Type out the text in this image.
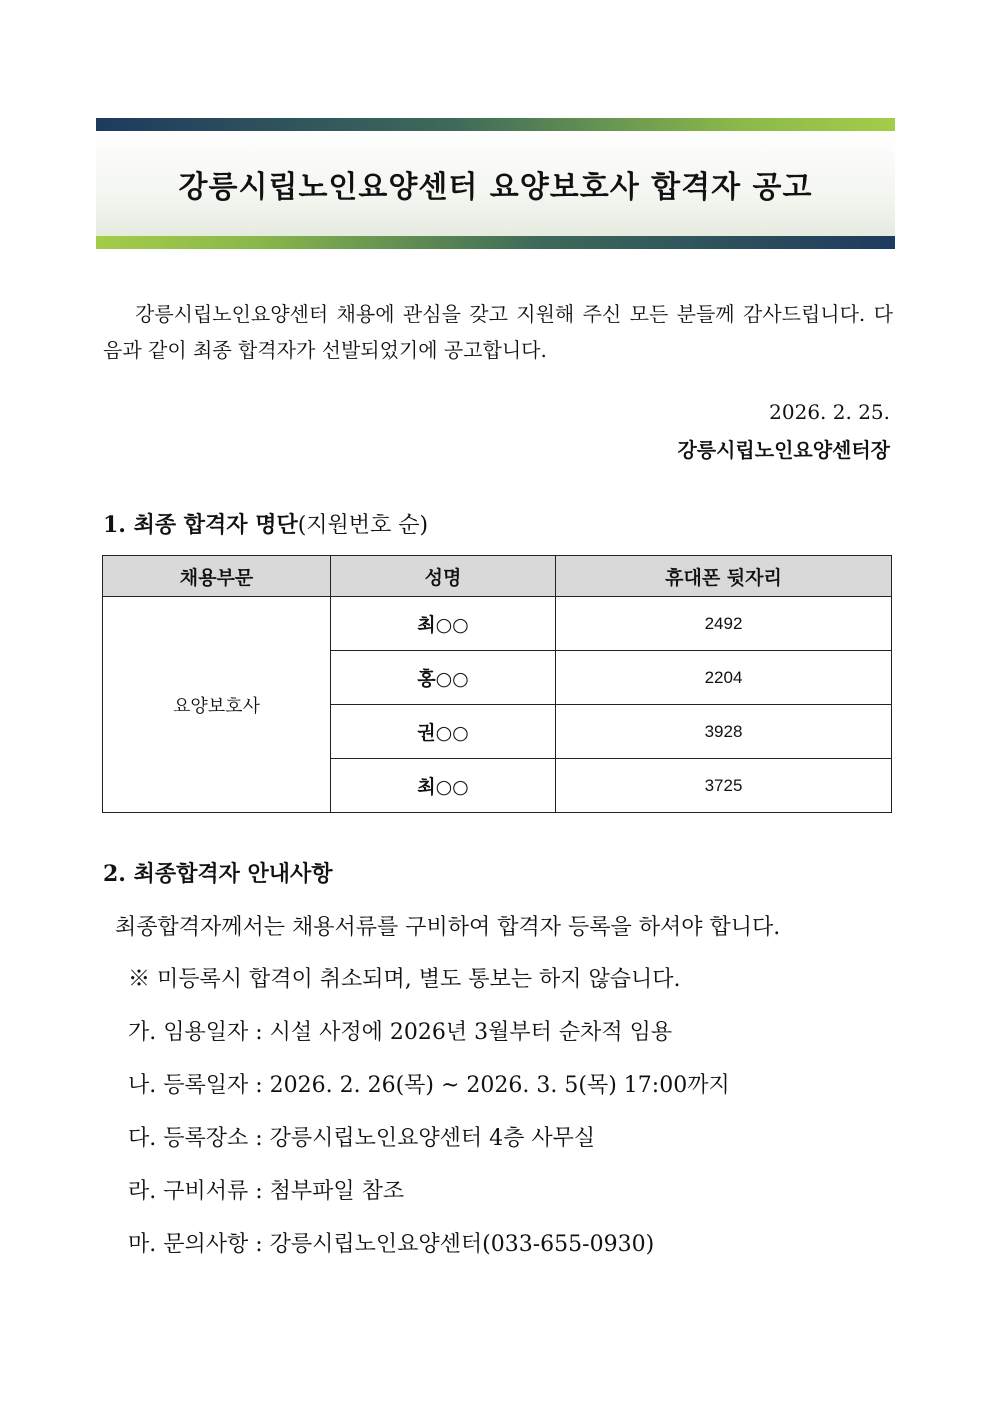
강릉시립노인요양센터 요양보호사 합격자 공고
강릉시립노인요양센터 채용에 관심을 갖고 지원해 주신 모든 분들께 감사드립니다. 다음과 같이 최종 합격자가 선발되었기에 공고합니다.
2026. 2. 25.
강릉시립노인요양센터장
1. 최종 합격자 명단(지원번호 순)
채용부문	성명	휴대폰 뒷자리
요양보호사	최○○	2492
	홍○○	2204
	권○○	3928
	최○○	3725
2. 최종합격자 안내사항
최종합격자께서는 채용서류를 구비하여 합격자 등록을 하셔야 합니다.
※ 미등록시 합격이 취소되며, 별도 통보는 하지 않습니다.
가. 임용일자 : 시설 사정에 2026년 3월부터 순차적 임용
나. 등록일자 : 2026. 2. 26(목) ~ 2026. 3. 5(목) 17:00까지
다. 등록장소 : 강릉시립노인요양센터 4층 사무실
라. 구비서류 : 첨부파일 참조
마. 문의사항 : 강릉시립노인요양센터(033-655-0930)
